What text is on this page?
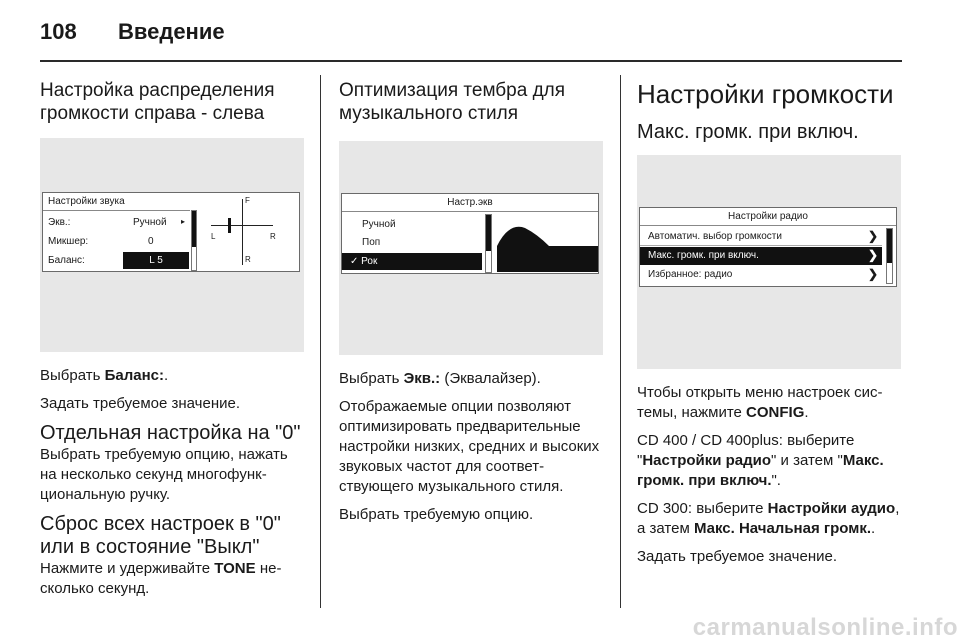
108 Введение
Настройка распределения громкости справа - слева
Настройки звука
Экв.:	Ручной ▸
Микшер:	0
Баланс:	L 5
F
R
L	R

Выбрать Баланс:.

Задать требуемое значение.

Отдельная настройка на "0"

Выбрать требуемую опцию, нажать на несколько секунд многофункциональную ручку.

Сброс всех настроек в "0" или в состояние "Выкл"

Нажмите и удерживайте TONE несколько секунд.

Оптимизация тембра для музыкального стиля
Настр.экв
Ручной
Поп
✓ Рок

Выбрать Экв.: (Эквалайзер).

Отображаемые опции позволяют оптимизировать предварительные настройки низких, средних и высоких звуковых частот для соответствующего музыкального стиля.

Выбрать требуемую опцию.

Настройки громкости
Макс. громк. при включ.
Настройки радио
Автоматич. выбор громкости	❯
Макс. громк. при включ.	❯
Избранное: радио	❯

Чтобы открыть меню настроек системы, нажмите CONFIG.

CD 400 / CD 400plus: выберите "Настройки радио" и затем "Макс. громк. при включ.".

CD 300: выберите Настройки аудио, а затем Макс. Начальная громк..

Задать требуемое значение.

carmanualsonline.info
